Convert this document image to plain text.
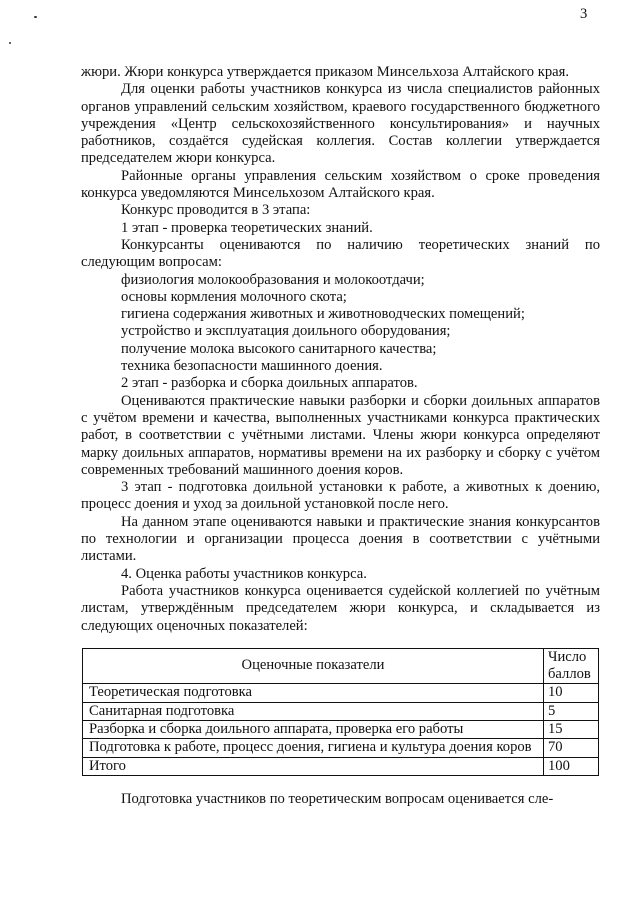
3

жюри. Жюри конкурса утверждается приказом Минсельхоза Алтайского края.

Для оценки работы участников конкурса из числа специалистов районных органов управлений сельским хозяйством, краевого государственного бюджетного учреждения «Центр сельскохозяйственного консультирования» и научных работников, создаётся судейская коллегия. Состав коллегии утверждается председателем жюри конкурса.

Районные органы управления сельским хозяйством о сроке проведения конкурса уведомляются Минсельхозом Алтайского края.

Конкурс проводится в 3 этапа:

1 этап - проверка теоретических знаний.

Конкурсанты оцениваются по наличию теоретических знаний по следующим вопросам:

физиология молокообразования и молокоотдачи;

основы кормления молочного скота;

гигиена содержания животных и животноводческих помещений;

устройство и эксплуатация доильного оборудования;

получение молока высокого санитарного качества;

техника безопасности машинного доения.

2 этап - разборка и сборка доильных аппаратов.

Оцениваются практические навыки разборки и сборки доильных аппаратов с учётом времени и качества, выполненных участниками конкурса практических работ, в соответствии с учётными листами. Члены жюри конкурса определяют марку доильных аппаратов, нормативы времени на их разборку и сборку с учётом современных требований машинного доения коров.

3 этап - подготовка доильной установки к работе, а животных к доению, процесс доения и уход за доильной установкой после него.

На данном этапе оцениваются навыки и практические знания конкурсантов по технологии и организации процесса доения в соответствии с учётными листами.

4. Оценка работы участников конкурса.

Работа участников конкурса оценивается судейской коллегией по учётным листам, утверждённым председателем жюри конкурса, и складывается из следующих оценочных показателей:

Оценочные показатели	Число баллов
Теоретическая подготовка	10
Санитарная подготовка	5
Разборка и сборка доильного аппарата, проверка его работы	15
Подготовка к работе, процесс доения, гигиена и культура доения коров	70
Итого	100

Подготовка участников по теоретическим вопросам оценивается сле-
